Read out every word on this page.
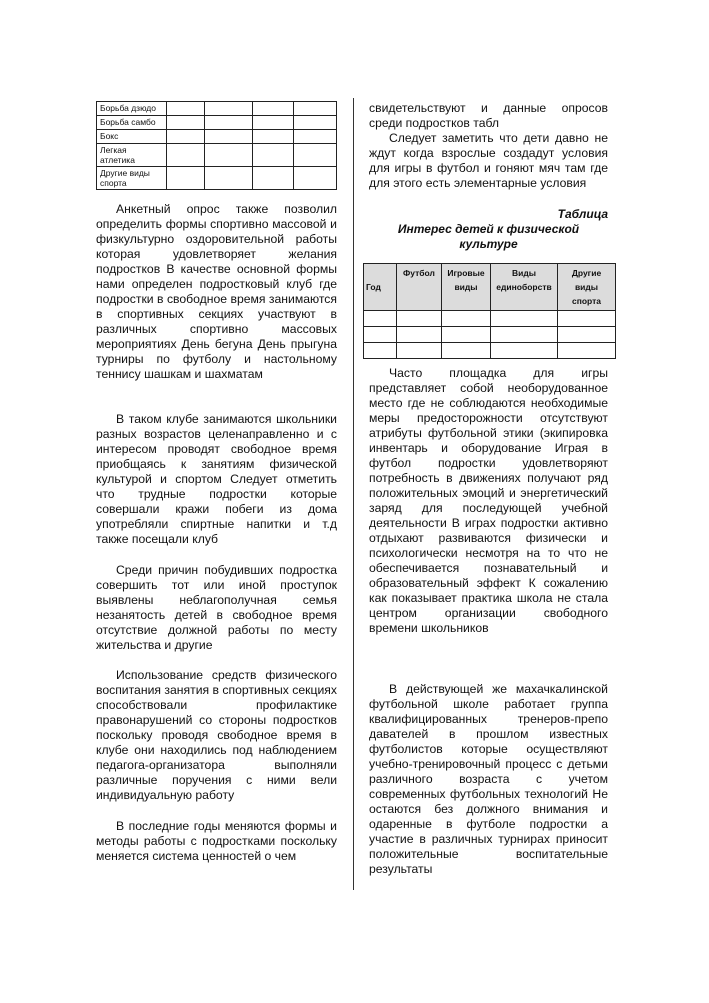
Борьба дзюдо				
Борьба самбо				
Бокс				
Легкая атлетика				
Другие виды спорта				

Анкетный опрос также позволил определить формы спортивно массовой и физкультурно оздоровительной работы которая удовлетворяет желания подростков В качестве основной формы нами определен подростковый клуб где подростки в свободное время занимаются в спортивных секциях участвуют в различных спортивно массовых мероприятиях День бегуна День прыгуна турниры по футболу и настольному теннису шашкам и шахматам

В таком клубе занимаются школьники разных возрастов целенаправленно и с интересом проводят свободное время приобщаясь к занятиям физической культурой и спортом Следует отметить что трудные подростки которые совершали кражи побеги из дома употребляли спиртные напитки и т.д также посещали клуб

Среди причин побудивших подростка совершить тот или иной проступок выявлены неблагополучная семья незанятость детей в свободное время отсутствие должной работы по месту жительства и другие

Использование средств физического воспитания занятия в спортивных секциях способствовали профилактике правонарушений со стороны подростков поскольку проводя свободное время в клубе они находились под наблюдением педагога-организатора выполняли различные поручения с ними вели индивидуальную работу

В последние годы меняются формы и методы работы с подростками поскольку меняется система ценностей о чем

свидетельствуют и данные опросов среди подростков табл

Следует заметить что дети давно не ждут когда взрослые создадут условия для игры в футбол и гоняют мяч там где для этого есть элементарные условия

Таблица
Интерес детей к физической культуре

Часто площадка для игры представляет собой необорудованное место где не соблюдаются необходимые меры предосторожности отсутствуют атрибуты футбольной этики (экипировка инвентарь и оборудование Играя в футбол подростки удовлетворяют потребность в движениях получают ряд положительных эмоций и энергетический заряд для последующей учебной деятельности В играх подростки активно отдыхают развиваются физически и психологически несмотря на то что не обеспечивается познавательный и образовательный эффект К сожалению как показывает практика школа не стала центром организации свободного времени школьников

В действующей же махачкалинской футбольной школе работает группа квалифицированных тренеров-препо давателей в прошлом известных футболистов которые осуществляют учебно-тренировочный процесс с детьми различного возраста с учетом современных футбольных технологий Не остаются без должного внимания и одаренные в футболе подростки а участие в различных турнирах приносит положительные воспитательные результаты

Год	Футбол	Игровые виды	Виды единоборств	Другие виды спорта
